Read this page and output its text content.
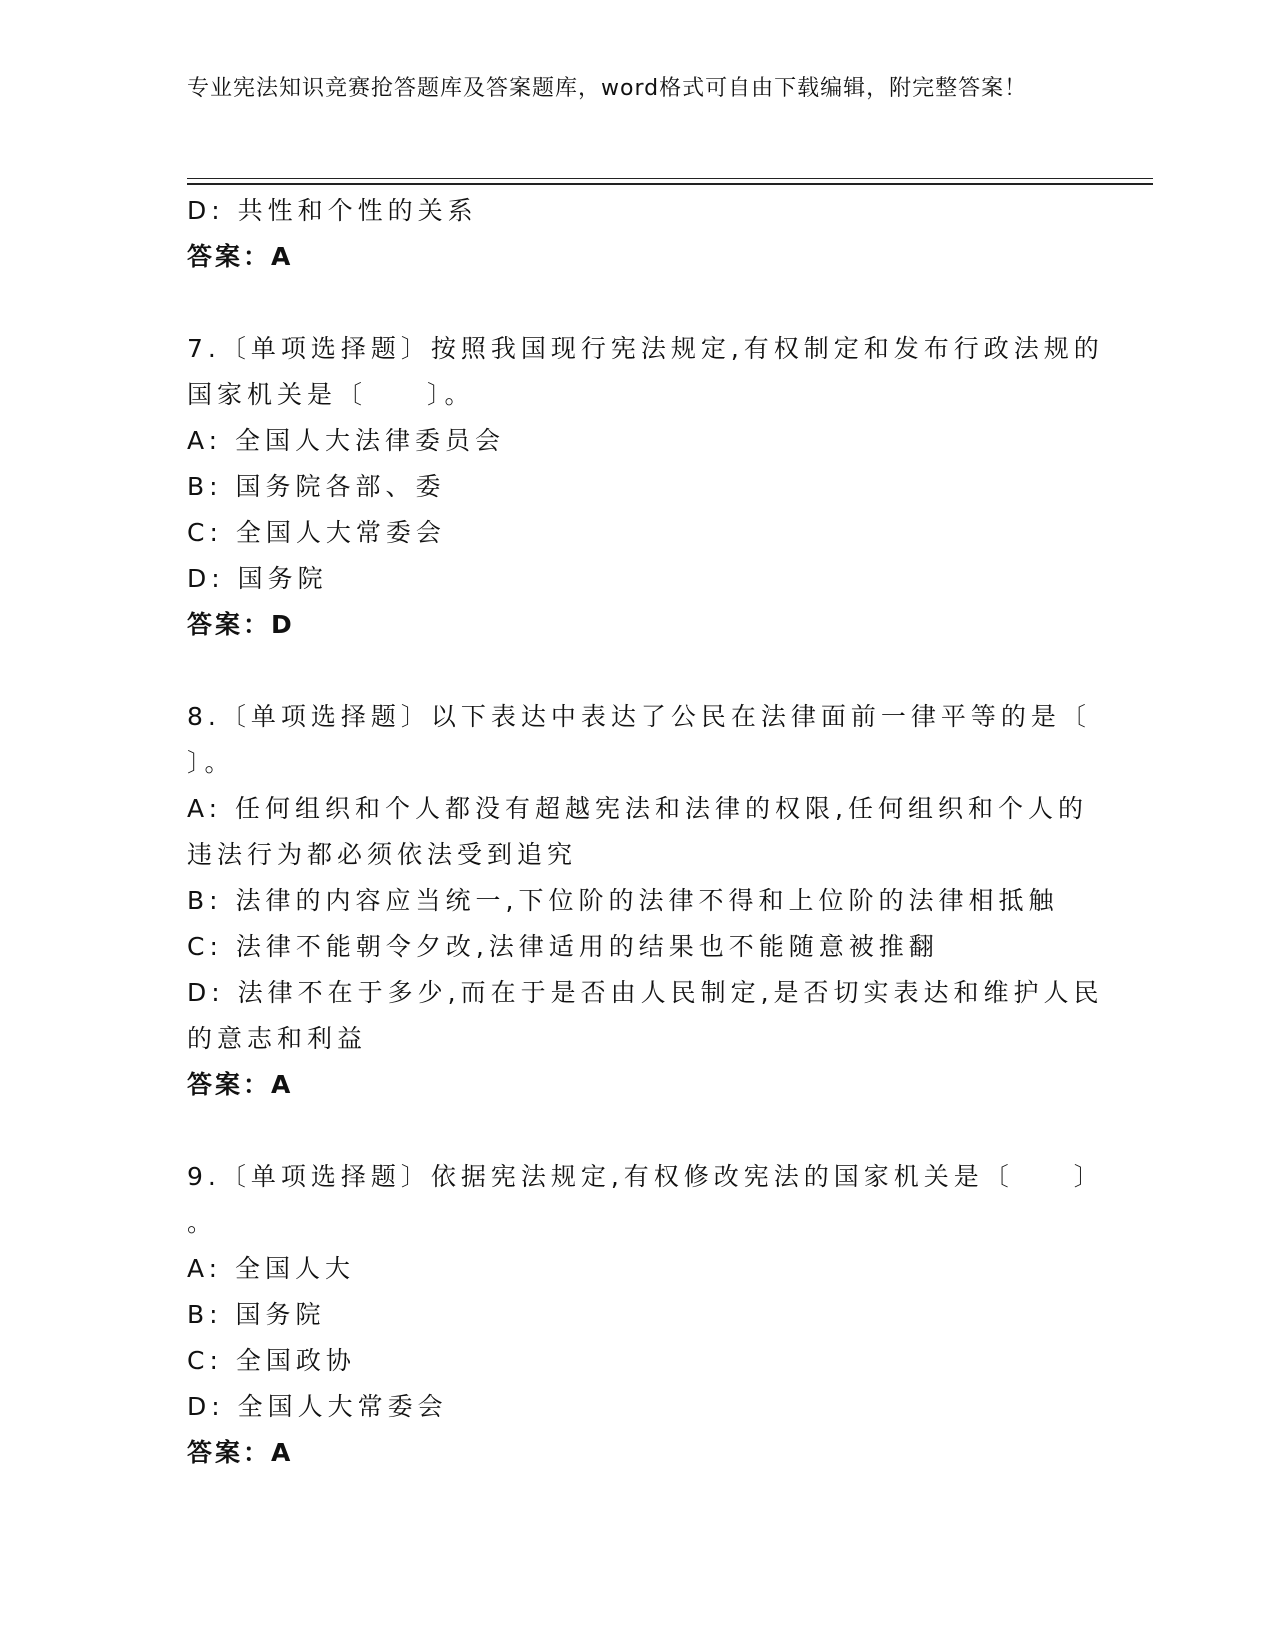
专业宪法知识竞赛抢答题库及答案题库，word格式可自由下载编辑，附完整答案！
D: 共性和个性的关系
答案：A
7.〔单项选择题〕按照我国现行宪法规定,有权制定和发布行政法规的
国家机关是〔　　〕。
A: 全国人大法律委员会
B: 国务院各部、委
C: 全国人大常委会
D: 国务院
答案：D
8.〔单项选择题〕以下表达中表达了公民在法律面前一律平等的是〔
〕。
A: 任何组织和个人都没有超越宪法和法律的权限,任何组织和个人的
违法行为都必须依法受到追究
B: 法律的内容应当统一,下位阶的法律不得和上位阶的法律相抵触
C: 法律不能朝令夕改,法律适用的结果也不能随意被推翻
D: 法律不在于多少,而在于是否由人民制定,是否切实表达和维护人民
的意志和利益
答案：A
9.〔单项选择题〕依据宪法规定,有权修改宪法的国家机关是〔　　〕
。
A: 全国人大
B: 国务院
C: 全国政协
D: 全国人大常委会
答案：A
